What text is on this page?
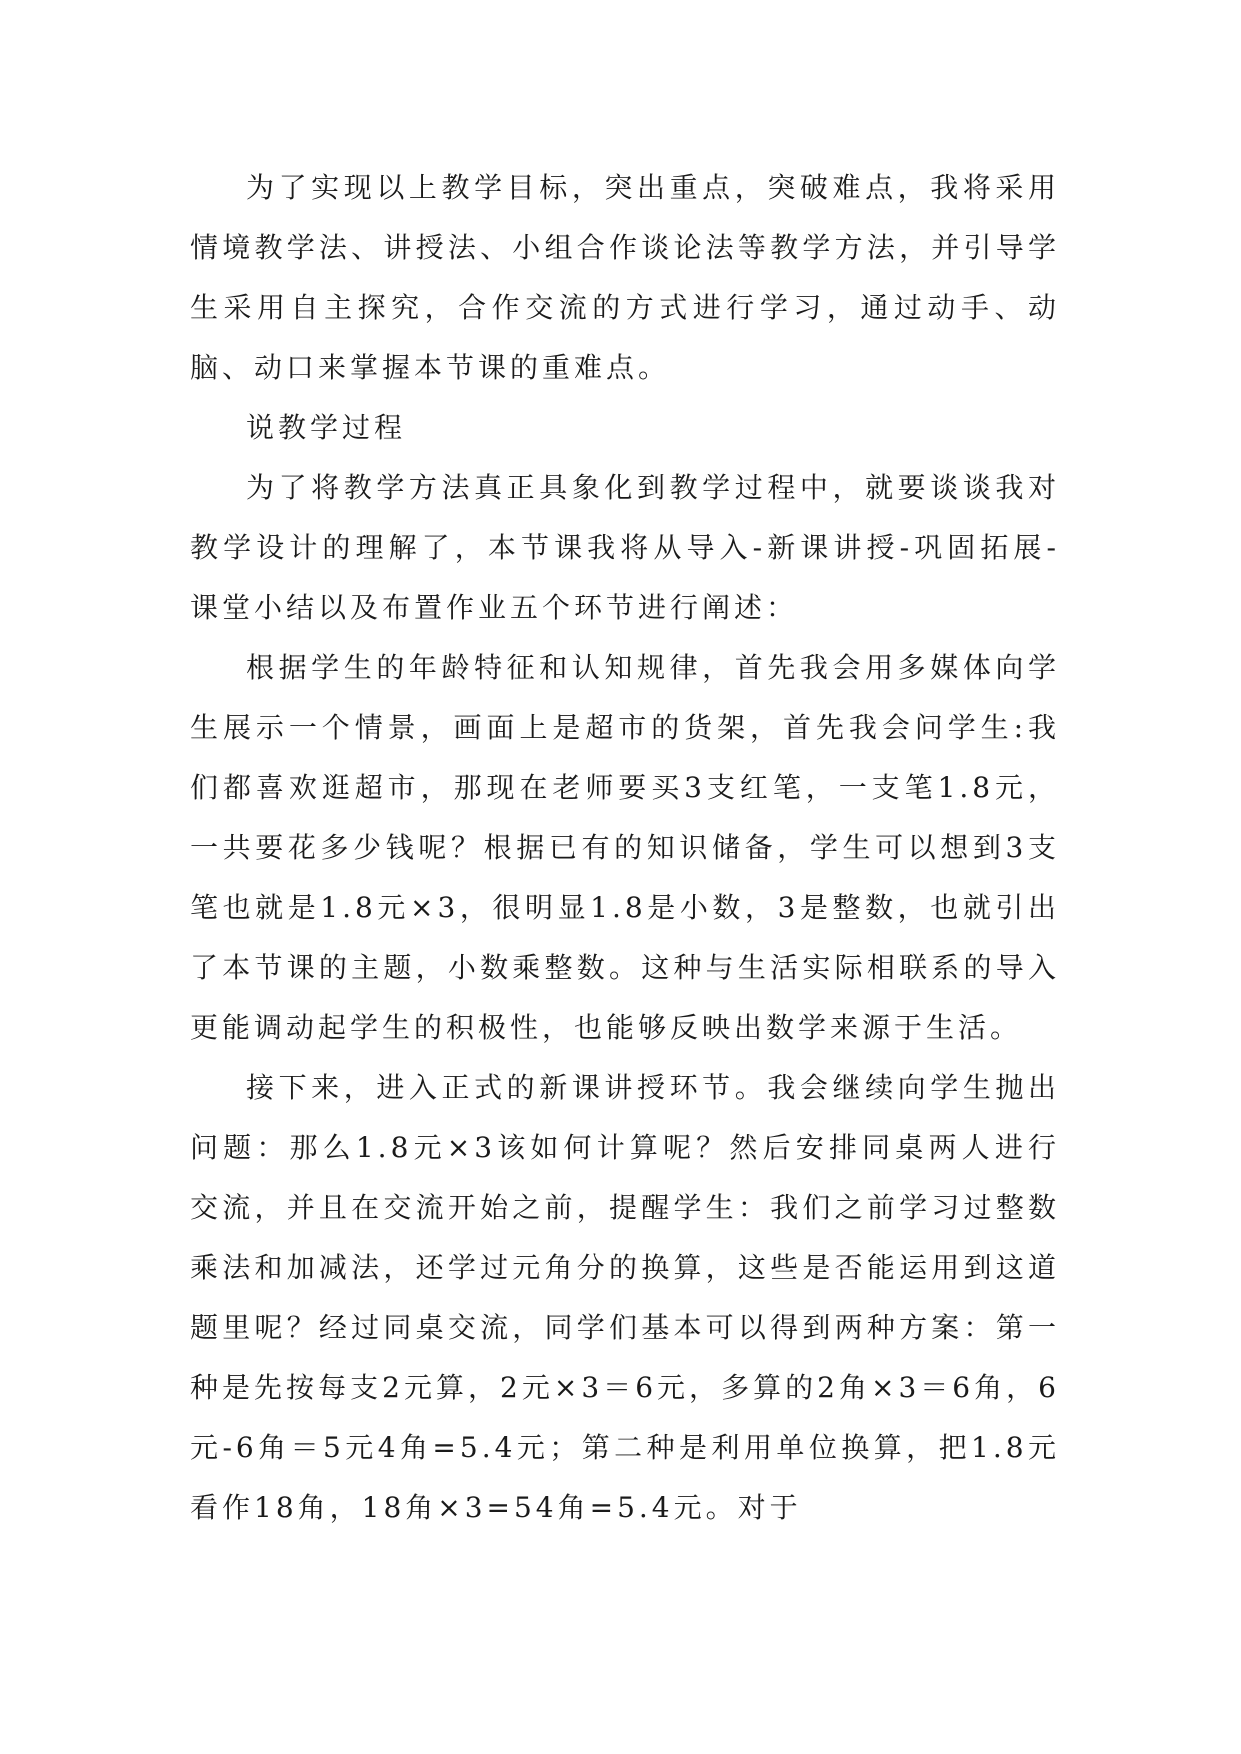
为了实现以上教学目标，突出重点，突破难点，我将采用情境教学法、讲授法、小组合作谈论法等教学方法，并引导学生采用自主探究，合作交流的方式进行学习，通过动手、动脑、动口来掌握本节课的重难点。

说教学过程

为了将教学方法真正具象化到教学过程中，就要谈谈我对教学设计的理解了，本节课我将从导入-新课讲授-巩固拓展-课堂小结以及布置作业五个环节进行阐述：

根据学生的年龄特征和认知规律，首先我会用多媒体向学生展示一个情景，画面上是超市的货架，首先我会问学生:我们都喜欢逛超市，那现在老师要买3支红笔，一支笔1.8元，一共要花多少钱呢？根据已有的知识储备，学生可以想到3支笔也就是1.8元×3，很明显1.8是小数，3是整数，也就引出了本节课的主题，小数乘整数。这种与生活实际相联系的导入更能调动起学生的积极性，也能够反映出数学来源于生活。

接下来，进入正式的新课讲授环节。我会继续向学生抛出问题：那么1.8元×3该如何计算呢？然后安排同桌两人进行交流，并且在交流开始之前，提醒学生：我们之前学习过整数乘法和加减法，还学过元角分的换算，这些是否能运用到这道题里呢？经过同桌交流，同学们基本可以得到两种方案：第一种是先按每支2元算，2元×3＝6元，多算的2角×3＝6角，6元-6角＝5元4角=5.4元；第二种是利用单位换算，把1.8元看作18角，18角×3=54角=5.4元。对于
